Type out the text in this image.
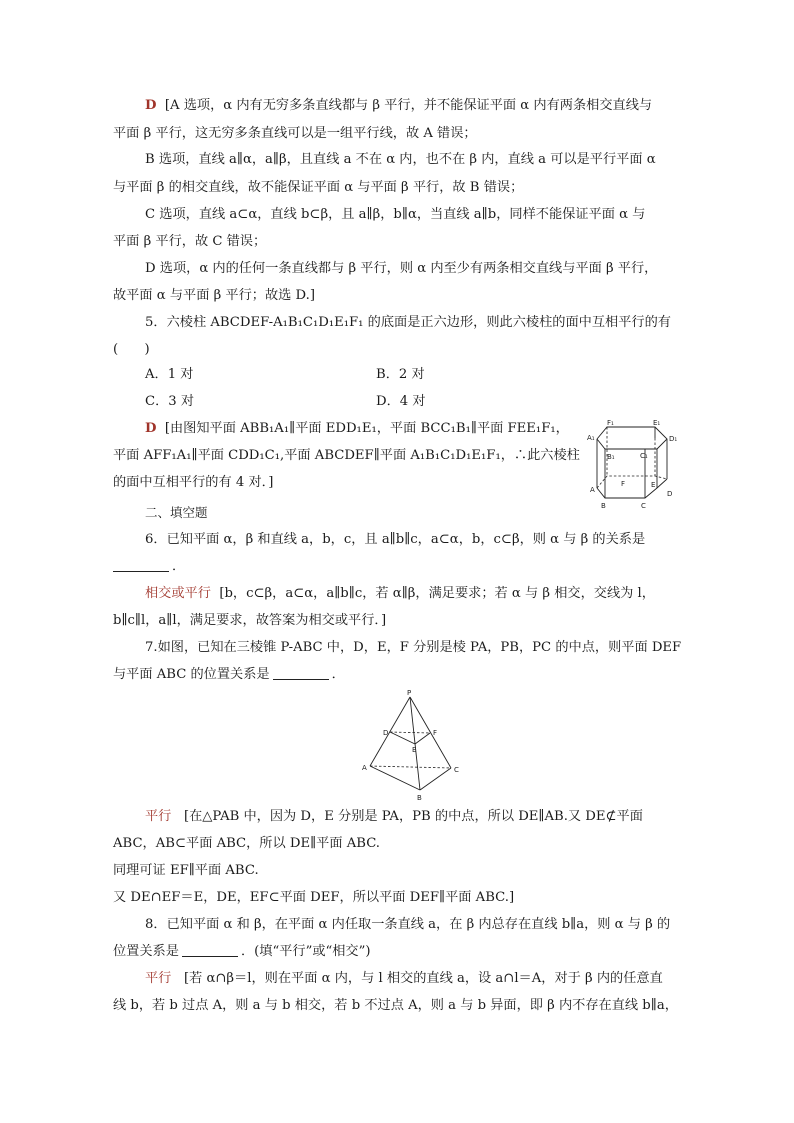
D [A 选项，α 内有无穷多条直线都与 β 平行，并不能保证平面 α 内有两条相交直线与
平面 β 平行，这无穷多条直线可以是一组平行线，故 A 错误；
B 选项，直线 a∥α，a∥β，且直线 a 不在 α 内，也不在 β 内，直线 a 可以是平行平面 α
与平面 β 的相交直线，故不能保证平面 α 与平面 β 平行，故 B 错误；
C 选项，直线 a⊂α，直线 b⊂β，且 a∥β，b∥α，当直线 a∥b，同样不能保证平面 α 与
平面 β 平行，故 C 错误；
D 选项，α 内的任何一条直线都与 β 平行，则 α 内至少有两条相交直线与平面 β 平行，
故平面 α 与平面 β 平行；故选 D.]
5．六棱柱 ABCDEF-A₁B₁C₁D₁E₁F₁ 的底面是正六边形，则此六棱柱的面中互相平行的有
(　　)
A．1 对	B．2 对
C．3 对	D．4 对
D [由图知平面 ABB₁A₁∥平面 EDD₁E₁，平面 BCC₁B₁∥平面 FEE₁F₁，
平面 AFF₁A₁∥平面 CDD₁C₁,平面 ABCDEF∥平面 A₁B₁C₁D₁E₁F₁，∴此六棱柱
的面中互相平行的有 4 对．]
A₁
F₁	E₁
D₁
B₁	C₁
A
B	C
D
E
F
二、填空题
6．已知平面 α，β 和直线 a，b，c，且 a∥b∥c，a⊂α，b，c⊂β，则 α 与 β 的关系是
．
相交或平行 [b，c⊂β，a⊂α，a∥b∥c，若 α∥β，满足要求；若 α 与 β 相交，交线为 l，
b∥c∥l，a∥l，满足要求，故答案为相交或平行．]
7.如图，已知在三棱锥 P-ABC 中，D，E，F 分别是棱 PA，PB，PC 的中点，则平面 DEF
与平面 ABC 的位置关系是	．
P
D
E
F
A
B
C
平行 [在△PAB 中，因为 D，E 分别是 PA，PB 的中点，所以 DE∥AB.又 DE⊄平面
ABC，AB⊂平面 ABC，所以 DE∥平面 ABC.
同理可证 EF∥平面 ABC.
又 DE∩EF＝E，DE，EF⊂平面 DEF，所以平面 DEF∥平面 ABC.]
8．已知平面 α 和 β，在平面 α 内任取一条直线 a，在 β 内总存在直线 b∥a，则 α 与 β 的
位置关系是	．(填“平行”或“相交”)
平行 [若 α∩β＝l，则在平面 α 内，与 l 相交的直线 a，设 a∩l＝A，对于 β 内的任意直
线 b，若 b 过点 A，则 a 与 b 相交，若 b 不过点 A，则 a 与 b 异面，即 β 内不存在直线 b∥a，
